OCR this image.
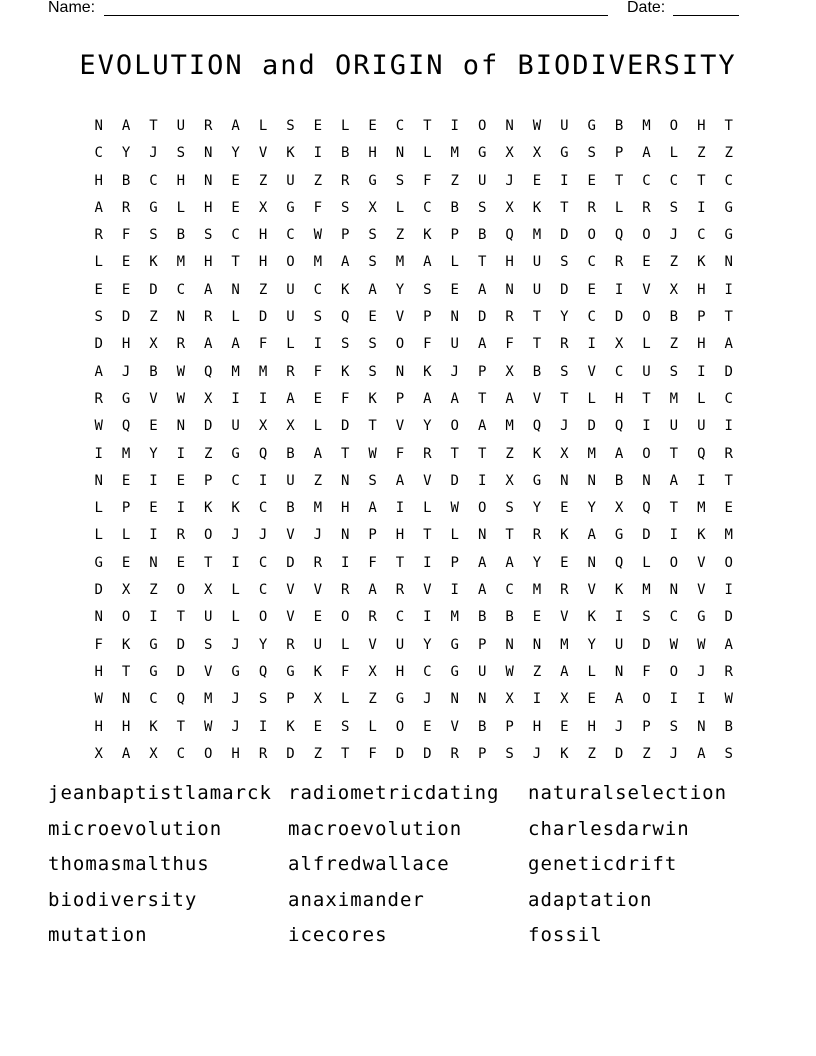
Name:	Date:
EVOLUTION and ORIGIN of BIODIVERSITY
N	A	T	U	R	A	L	S	E	L	E	C	T	I	O	N	W	U	G	B	M	O	H	T
C	Y	J	S	N	Y	V	K	I	B	H	N	L	M	G	X	X	G	S	P	A	L	Z	Z
H	B	C	H	N	E	Z	U	Z	R	G	S	F	Z	U	J	E	I	E	T	C	C	T	C
A	R	G	L	H	E	X	G	F	S	X	L	C	B	S	X	K	T	R	L	R	S	I	G
R	F	S	B	S	C	H	C	W	P	S	Z	K	P	B	Q	M	D	O	Q	O	J	C	G
L	E	K	M	H	T	H	O	M	A	S	M	A	L	T	H	U	S	C	R	E	Z	K	N
E	E	D	C	A	N	Z	U	C	K	A	Y	S	E	A	N	U	D	E	I	V	X	H	I
S	D	Z	N	R	L	D	U	S	Q	E	V	P	N	D	R	T	Y	C	D	O	B	P	T
D	H	X	R	A	A	F	L	I	S	S	O	F	U	A	F	T	R	I	X	L	Z	H	A
A	J	B	W	Q	M	M	R	F	K	S	N	K	J	P	X	B	S	V	C	U	S	I	D
R	G	V	W	X	I	I	A	E	F	K	P	A	A	T	A	V	T	L	H	T	M	L	C
W	Q	E	N	D	U	X	X	L	D	T	V	Y	O	A	M	Q	J	D	Q	I	U	U	I
I	M	Y	I	Z	G	Q	B	A	T	W	F	R	T	T	Z	K	X	M	A	O	T	Q	R
N	E	I	E	P	C	I	U	Z	N	S	A	V	D	I	X	G	N	N	B	N	A	I	T
L	P	E	I	K	K	C	B	M	H	A	I	L	W	O	S	Y	E	Y	X	Q	T	M	E
L	L	I	R	O	J	J	V	J	N	P	H	T	L	N	T	R	K	A	G	D	I	K	M
G	E	N	E	T	I	C	D	R	I	F	T	I	P	A	A	Y	E	N	Q	L	O	V	O
D	X	Z	O	X	L	C	V	V	R	A	R	V	I	A	C	M	R	V	K	M	N	V	I
N	O	I	T	U	L	O	V	E	O	R	C	I	M	B	B	E	V	K	I	S	C	G	D
F	K	G	D	S	J	Y	R	U	L	V	U	Y	G	P	N	N	M	Y	U	D	W	W	A
H	T	G	D	V	G	Q	G	K	F	X	H	C	G	U	W	Z	A	L	N	F	O	J	R
W	N	C	Q	M	J	S	P	X	L	Z	G	J	N	N	X	I	X	E	A	O	I	I	W
H	H	K	T	W	J	I	K	E	S	L	O	E	V	B	P	H	E	H	J	P	S	N	B
X	A	X	C	O	H	R	D	Z	T	F	D	D	R	P	S	J	K	Z	D	Z	J	A	S
jeanbaptistlamarck radiometricdating	naturalselection
microevolution	macroevolution	charlesdarwin
thomasmalthus	alfredwallace	geneticdrift
biodiversity	anaximander	adaptation
mutation	icecores	fossil
